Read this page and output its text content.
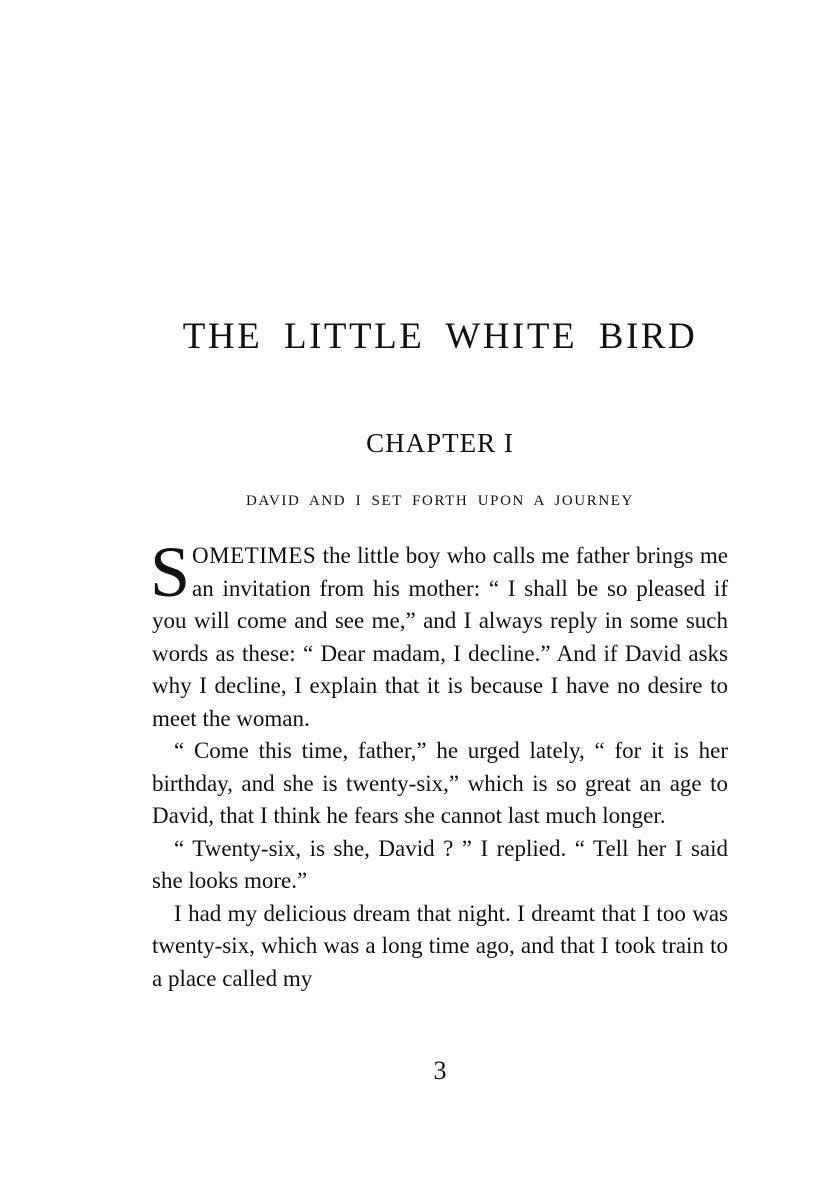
THE LITTLE WHITE BIRD
CHAPTER I
DAVID AND I SET FORTH UPON A JOURNEY

SOMETIMES the little boy who calls me father brings me an invitation from his mother: “ I shall be so pleased if you will come and see me,” and I always reply in some such words as these: “ Dear madam, I decline.” And if David asks why I decline, I explain that it is because I have no desire to meet the woman.

“ Come this time, father,” he urged lately, “ for it is her birthday, and she is twenty-six,” which is so great an age to David, that I think he fears she cannot last much longer.

“ Twenty-six, is she, David ? ” I replied. “ Tell her I said she looks more.”

I had my delicious dream that night. I dreamt that I too was twenty-six, which was a long time ago, and that I took train to a place called my

3
